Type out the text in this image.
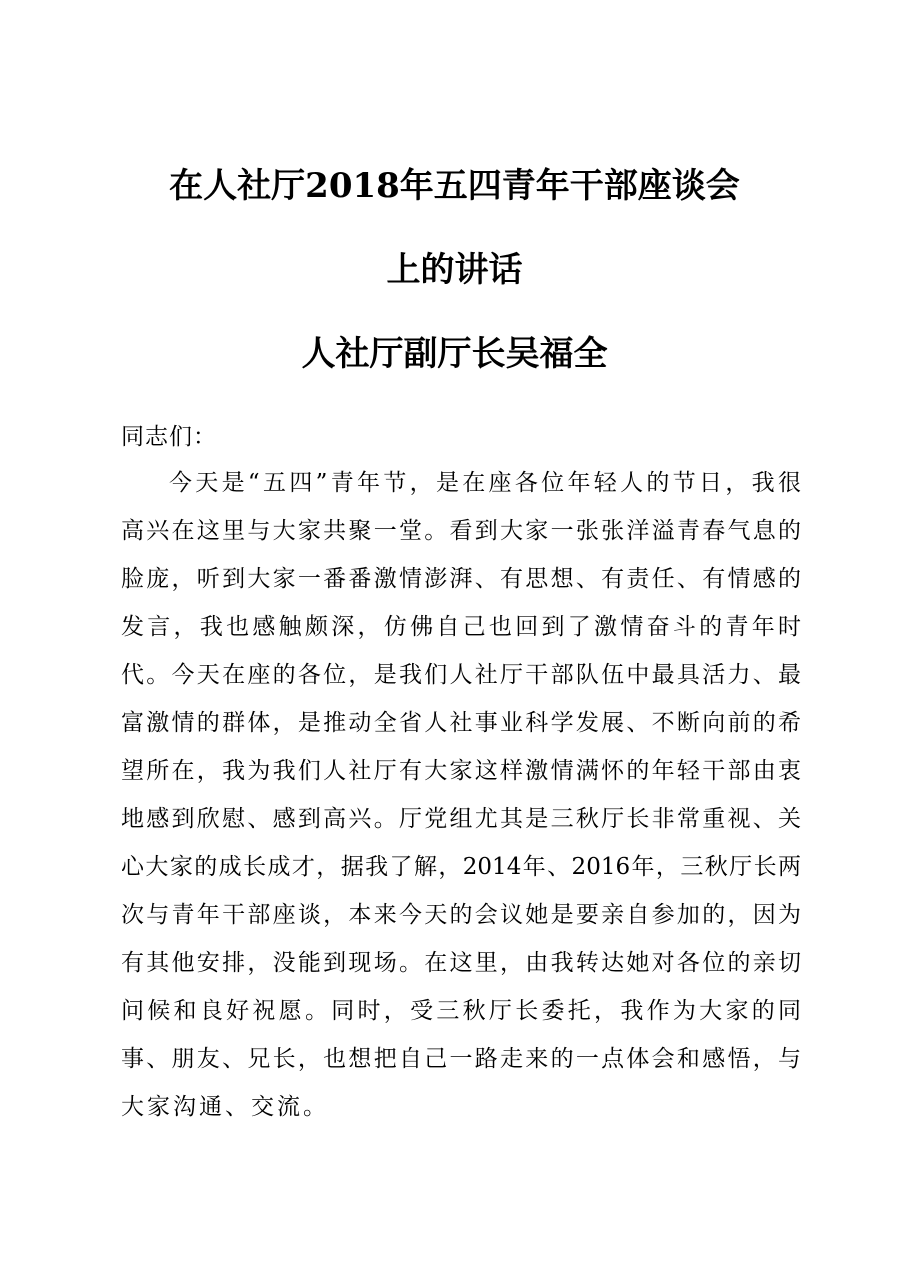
在人社厅2018年五四青年干部座谈会
上的讲话
人社厅副厅长吴福全
同志们：
今天是“五四”青年节，是在座各位年轻人的节日，我很
高兴在这里与大家共聚一堂。看到大家一张张洋溢青春气息的
脸庞，听到大家一番番激情澎湃、有思想、有责任、有情感的
发言，我也感触颇深，仿佛自己也回到了激情奋斗的青年时
代。今天在座的各位，是我们人社厅干部队伍中最具活力、最
富激情的群体，是推动全省人社事业科学发展、不断向前的希
望所在，我为我们人社厅有大家这样激情满怀的年轻干部由衷
地感到欣慰、感到高兴。厅党组尤其是三秋厅长非常重视、关
心大家的成长成才，据我了解，2014年、2016年，三秋厅长两
次与青年干部座谈，本来今天的会议她是要亲自参加的，因为
有其他安排，没能到现场。在这里，由我转达她对各位的亲切
问候和良好祝愿。同时，受三秋厅长委托，我作为大家的同
事、朋友、兄长，也想把自己一路走来的一点体会和感悟，与
大家沟通、交流。
